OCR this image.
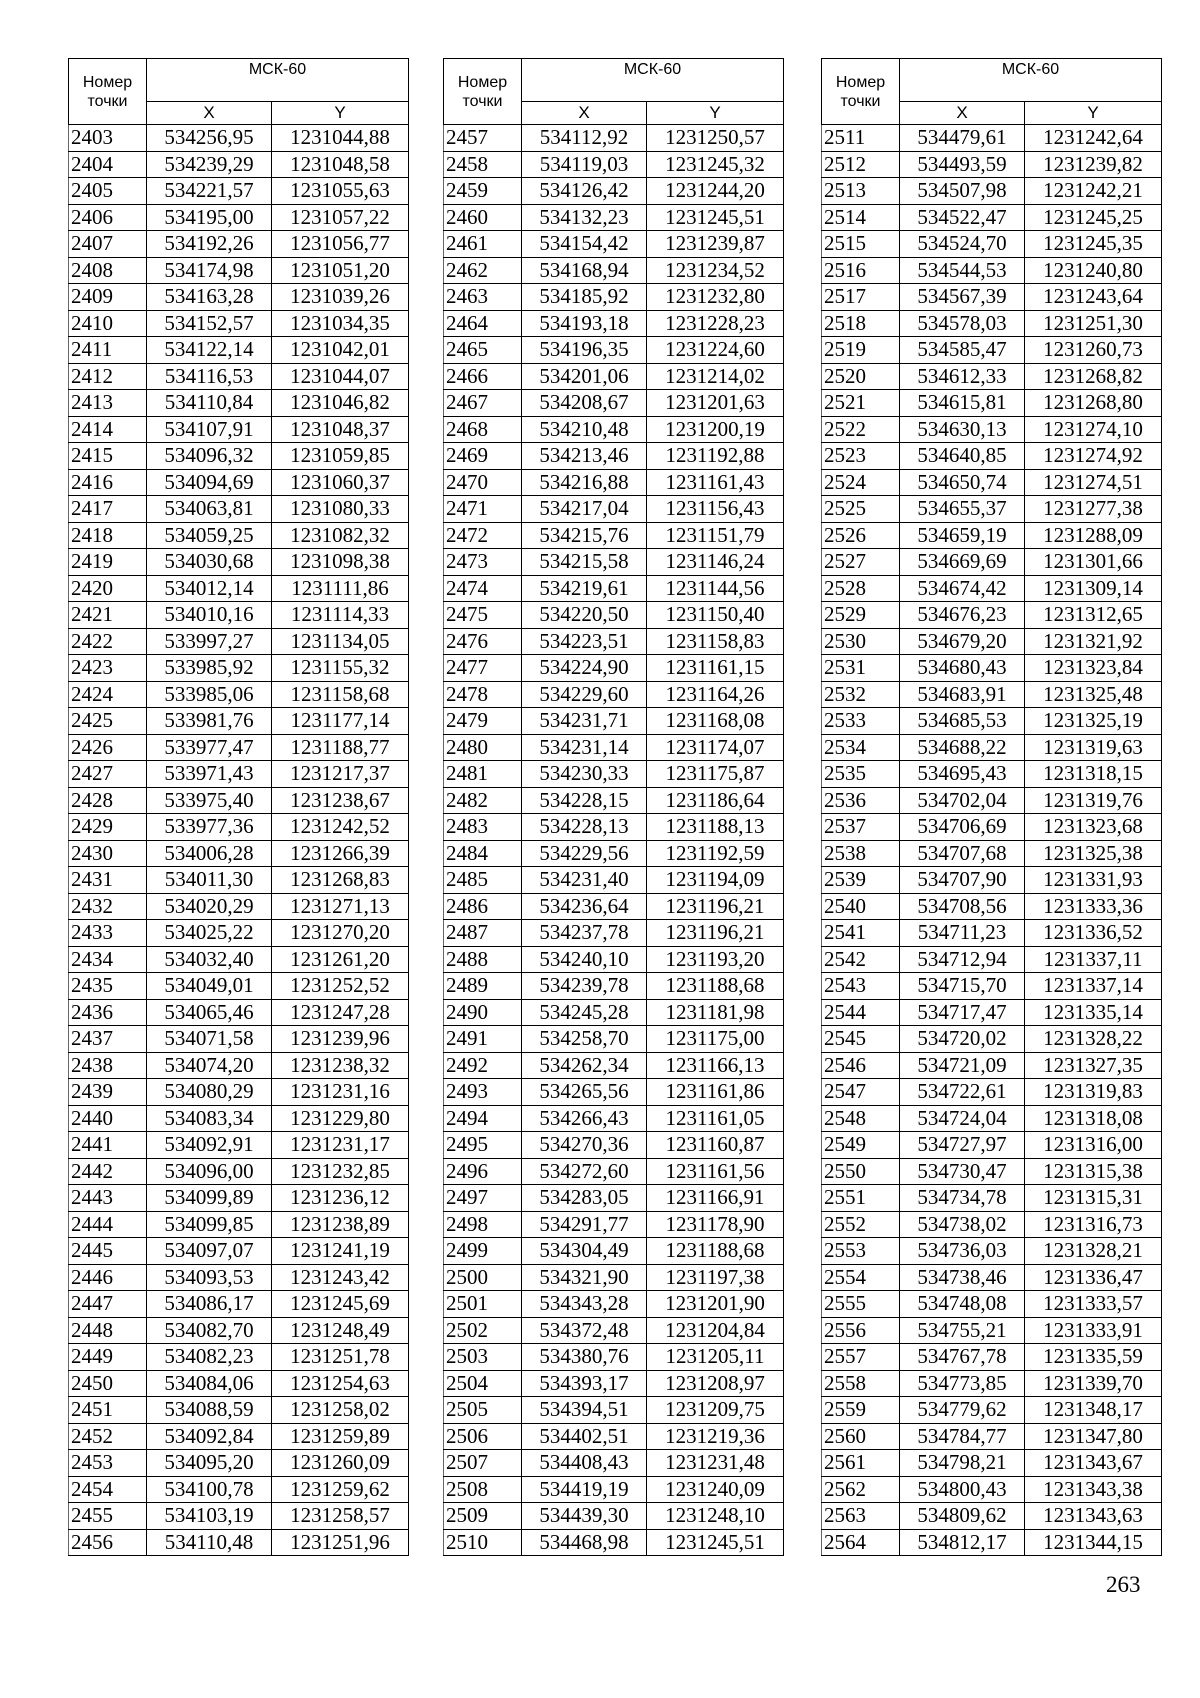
Номер точки	МСК-60	
	X	Y
2403	534256,95	1231044,88
2404	534239,29	1231048,58
2405	534221,57	1231055,63
2406	534195,00	1231057,22
2407	534192,26	1231056,77
2408	534174,98	1231051,20
2409	534163,28	1231039,26
2410	534152,57	1231034,35
2411	534122,14	1231042,01
2412	534116,53	1231044,07
2413	534110,84	1231046,82
2414	534107,91	1231048,37
2415	534096,32	1231059,85
2416	534094,69	1231060,37
2417	534063,81	1231080,33
2418	534059,25	1231082,32
2419	534030,68	1231098,38
2420	534012,14	1231111,86
2421	534010,16	1231114,33
2422	533997,27	1231134,05
2423	533985,92	1231155,32
2424	533985,06	1231158,68
2425	533981,76	1231177,14
2426	533977,47	1231188,77
2427	533971,43	1231217,37
2428	533975,40	1231238,67
2429	533977,36	1231242,52
2430	534006,28	1231266,39
2431	534011,30	1231268,83
2432	534020,29	1231271,13
2433	534025,22	1231270,20
2434	534032,40	1231261,20
2435	534049,01	1231252,52
2436	534065,46	1231247,28
2437	534071,58	1231239,96
2438	534074,20	1231238,32
2439	534080,29	1231231,16
2440	534083,34	1231229,80
2441	534092,91	1231231,17
2442	534096,00	1231232,85
2443	534099,89	1231236,12
2444	534099,85	1231238,89
2445	534097,07	1231241,19
2446	534093,53	1231243,42
2447	534086,17	1231245,69
2448	534082,70	1231248,49
2449	534082,23	1231251,78
2450	534084,06	1231254,63
2451	534088,59	1231258,02
2452	534092,84	1231259,89
2453	534095,20	1231260,09
2454	534100,78	1231259,62
2455	534103,19	1231258,57
2456	534110,48	1231251,96
Номер точки	МСК-60	
	X	Y
2457	534112,92	1231250,57
2458	534119,03	1231245,32
2459	534126,42	1231244,20
2460	534132,23	1231245,51
2461	534154,42	1231239,87
2462	534168,94	1231234,52
2463	534185,92	1231232,80
2464	534193,18	1231228,23
2465	534196,35	1231224,60
2466	534201,06	1231214,02
2467	534208,67	1231201,63
2468	534210,48	1231200,19
2469	534213,46	1231192,88
2470	534216,88	1231161,43
2471	534217,04	1231156,43
2472	534215,76	1231151,79
2473	534215,58	1231146,24
2474	534219,61	1231144,56
2475	534220,50	1231150,40
2476	534223,51	1231158,83
2477	534224,90	1231161,15
2478	534229,60	1231164,26
2479	534231,71	1231168,08
2480	534231,14	1231174,07
2481	534230,33	1231175,87
2482	534228,15	1231186,64
2483	534228,13	1231188,13
2484	534229,56	1231192,59
2485	534231,40	1231194,09
2486	534236,64	1231196,21
2487	534237,78	1231196,21
2488	534240,10	1231193,20
2489	534239,78	1231188,68
2490	534245,28	1231181,98
2491	534258,70	1231175,00
2492	534262,34	1231166,13
2493	534265,56	1231161,86
2494	534266,43	1231161,05
2495	534270,36	1231160,87
2496	534272,60	1231161,56
2497	534283,05	1231166,91
2498	534291,77	1231178,90
2499	534304,49	1231188,68
2500	534321,90	1231197,38
2501	534343,28	1231201,90
2502	534372,48	1231204,84
2503	534380,76	1231205,11
2504	534393,17	1231208,97
2505	534394,51	1231209,75
2506	534402,51	1231219,36
2507	534408,43	1231231,48
2508	534419,19	1231240,09
2509	534439,30	1231248,10
2510	534468,98	1231245,51
Номер точки	МСК-60	
	X	Y
2511	534479,61	1231242,64
2512	534493,59	1231239,82
2513	534507,98	1231242,21
2514	534522,47	1231245,25
2515	534524,70	1231245,35
2516	534544,53	1231240,80
2517	534567,39	1231243,64
2518	534578,03	1231251,30
2519	534585,47	1231260,73
2520	534612,33	1231268,82
2521	534615,81	1231268,80
2522	534630,13	1231274,10
2523	534640,85	1231274,92
2524	534650,74	1231274,51
2525	534655,37	1231277,38
2526	534659,19	1231288,09
2527	534669,69	1231301,66
2528	534674,42	1231309,14
2529	534676,23	1231312,65
2530	534679,20	1231321,92
2531	534680,43	1231323,84
2532	534683,91	1231325,48
2533	534685,53	1231325,19
2534	534688,22	1231319,63
2535	534695,43	1231318,15
2536	534702,04	1231319,76
2537	534706,69	1231323,68
2538	534707,68	1231325,38
2539	534707,90	1231331,93
2540	534708,56	1231333,36
2541	534711,23	1231336,52
2542	534712,94	1231337,11
2543	534715,70	1231337,14
2544	534717,47	1231335,14
2545	534720,02	1231328,22
2546	534721,09	1231327,35
2547	534722,61	1231319,83
2548	534724,04	1231318,08
2549	534727,97	1231316,00
2550	534730,47	1231315,38
2551	534734,78	1231315,31
2552	534738,02	1231316,73
2553	534736,03	1231328,21
2554	534738,46	1231336,47
2555	534748,08	1231333,57
2556	534755,21	1231333,91
2557	534767,78	1231335,59
2558	534773,85	1231339,70
2559	534779,62	1231348,17
2560	534784,77	1231347,80
2561	534798,21	1231343,67
2562	534800,43	1231343,38
2563	534809,62	1231343,63
2564	534812,17	1231344,15
263
